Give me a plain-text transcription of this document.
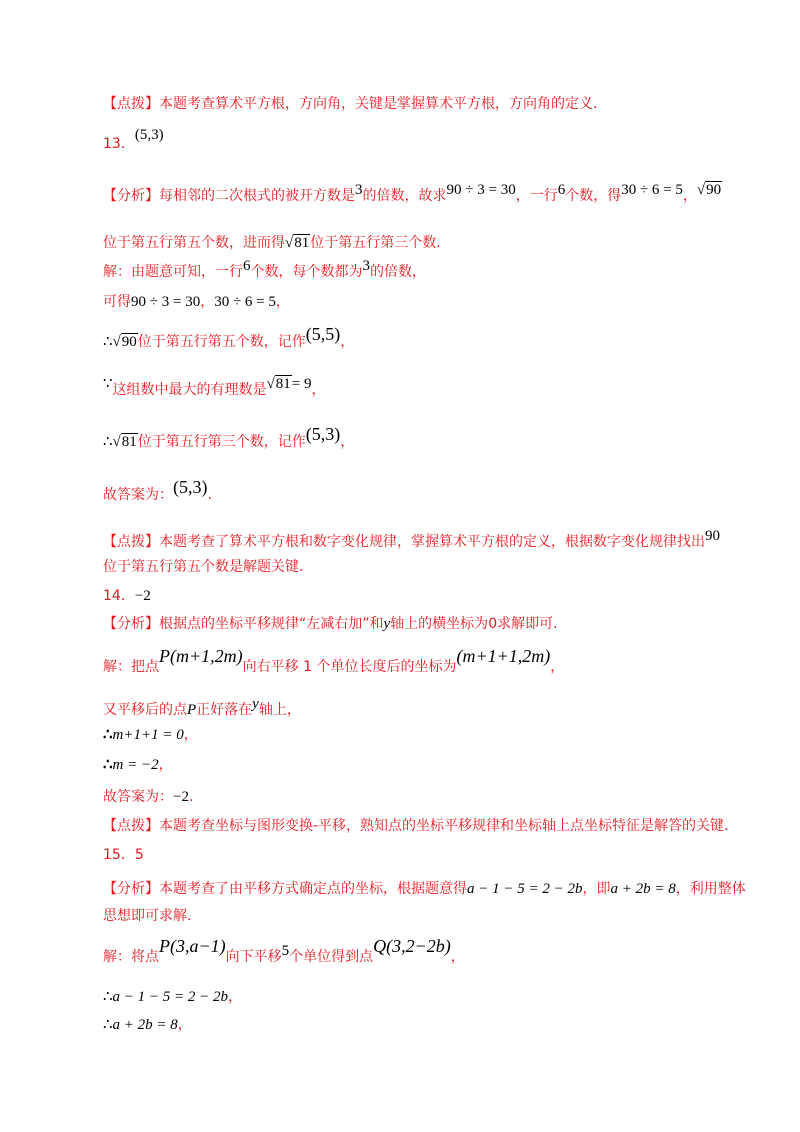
【点拨】本题考查算术平方根，方向角，关键是掌握算术平方根，方向角的定义.
13．(5,3)
【分析】每相邻的二次根式的被开方数是3的倍数，故求90 ÷ 3 = 30，一行6个数，得30 ÷ 6 = 5，√90
位于第五行第五个数，进而得√81位于第五行第三个数.
解：由题意可知，一行6个数，每个数都为3的倍数，
可得90 ÷ 3 = 30，30 ÷ 6 = 5，
∴√90位于第五行第五个数，记作(5,5)，
∵这组数中最大的有理数是√81= 9，
∴√81位于第五行第三个数，记作(5,3)，
故答案为：(5,3).
【点拨】本题考查了算术平方根和数字变化规律，掌握算术平方根的定义，根据数字变化规律找出90
位于第五行第五个数是解题关键.
14．−2
【分析】根据点的坐标平移规律“左减右加”和y轴上的横坐标为0求解即可.
解：把点P(m+1,2m)向右平移 1 个单位长度后的坐标为(m+1+1,2m)，
又平移后的点P正好落在y轴上，
∴m+1+1 = 0，
∴m = −2，
故答案为：−2.
【点拨】本题考查坐标与图形变换-平移，熟知点的坐标平移规律和坐标轴上点坐标特征是解答的关键.
15．5
【分析】本题考查了由平移方式确定点的坐标，根据题意得a − 1 − 5 = 2 − 2b，即a + 2b = 8，利用整体
思想即可求解.
解：将点P(3,a−1)向下平移5个单位得到点Q(3,2−2b)，
∴a − 1 − 5 = 2 − 2b，
∴a + 2b = 8，
